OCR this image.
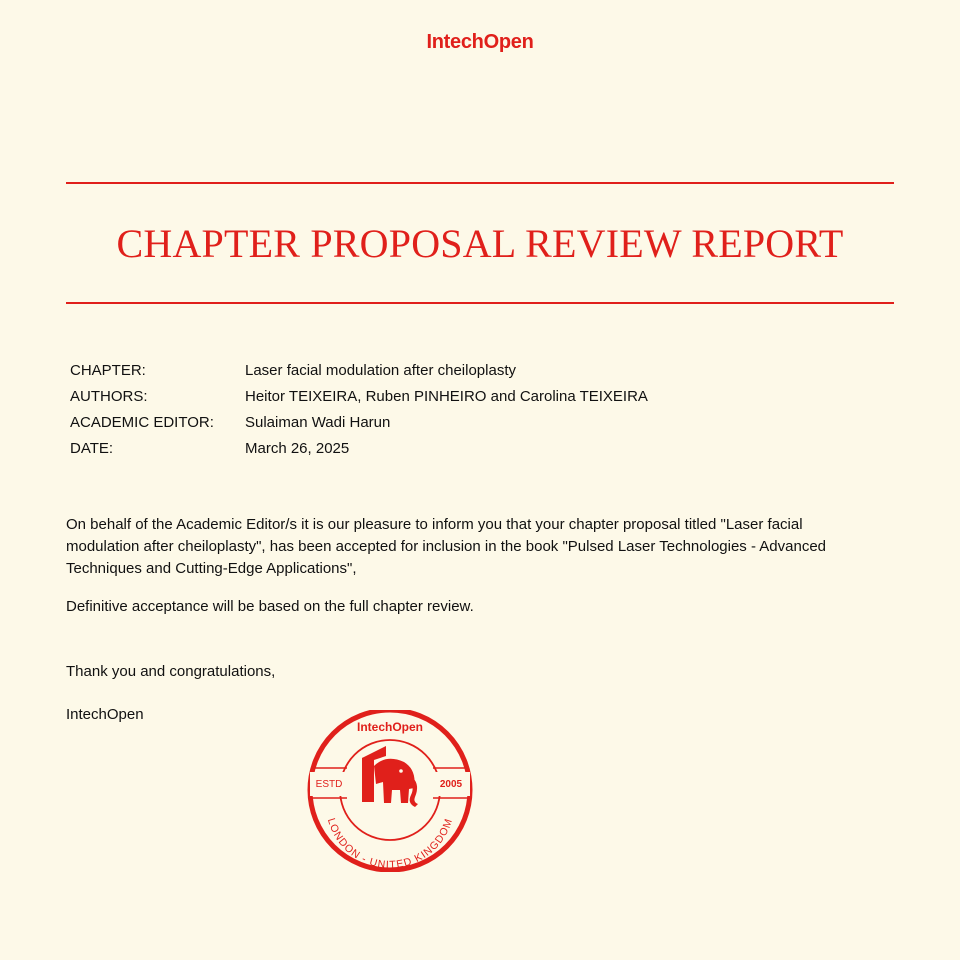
IntechOpen
CHAPTER PROPOSAL REVIEW REPORT
CHAPTER:	Laser facial modulation after cheiloplasty
AUTHORS:	Heitor TEIXEIRA, Ruben PINHEIRO and Carolina TEIXEIRA
ACADEMIC EDITOR:	Sulaiman Wadi Harun
DATE:	March 26, 2025
On behalf of the Academic Editor/s it is our pleasure to inform you that your chapter proposal titled "Laser facial modulation after cheiloplasty", has been accepted for inclusion in the book "Pulsed Laser Technologies - Advanced Techniques and Cutting-Edge Applications",
Definitive acceptance will be based on the full chapter review.
Thank you and congratulations,
IntechOpen
IntechOpen
ESTD	2005
LONDON - UNITED KINGDOM
